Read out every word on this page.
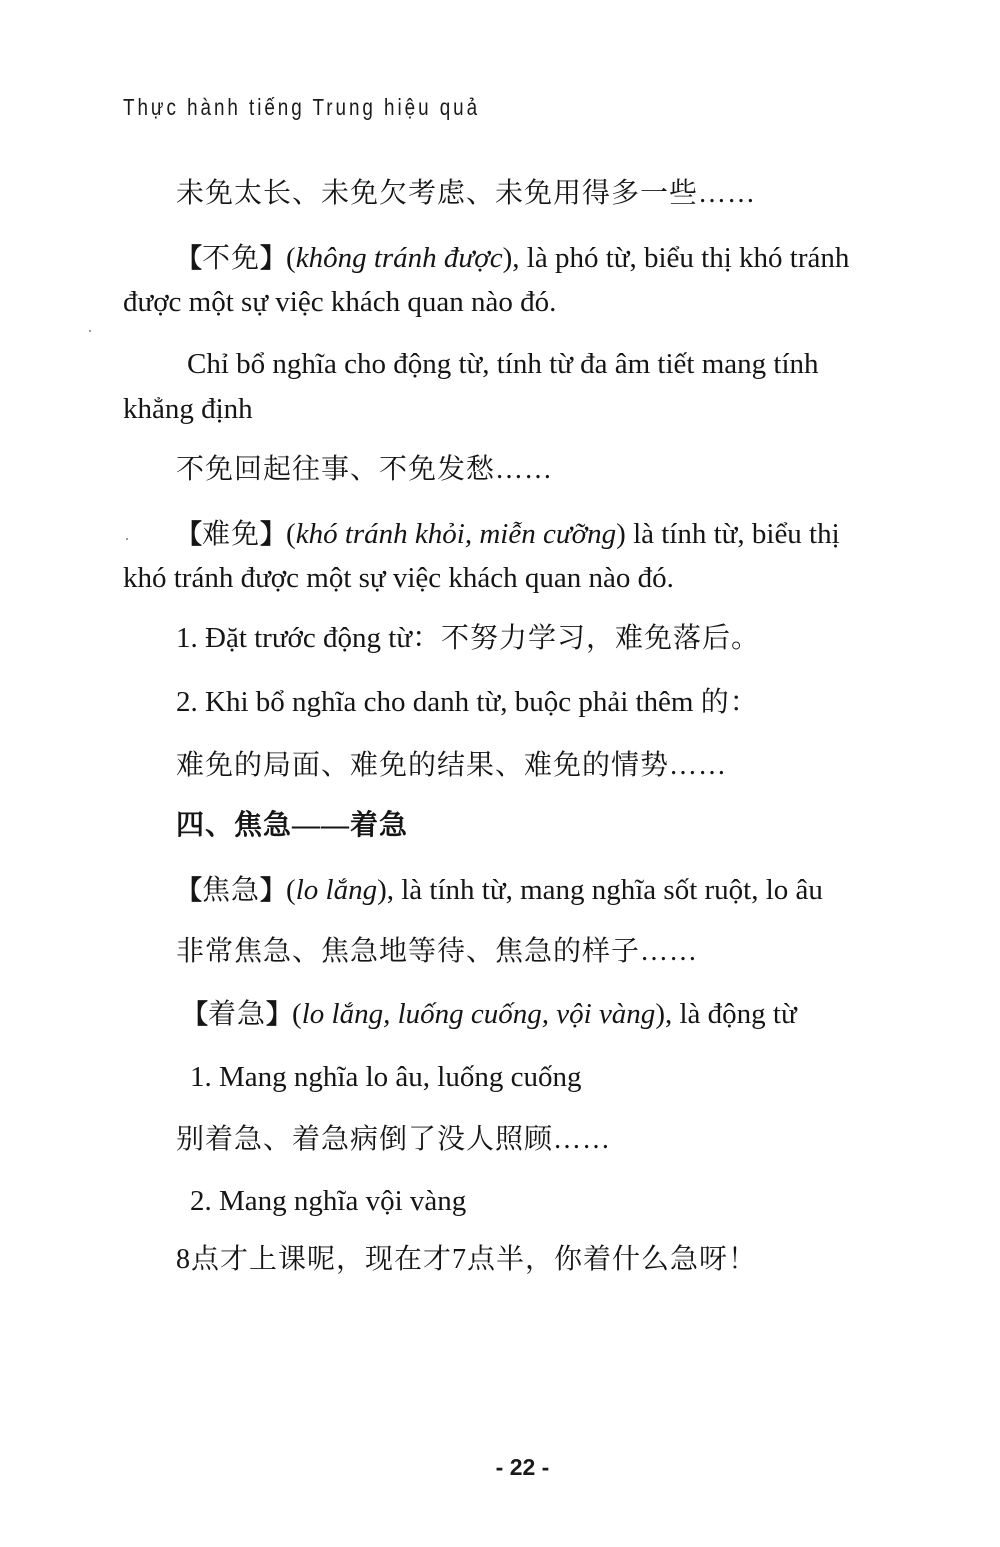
Thực hành tiếng Trung hiệu quả
未免太长、未免欠考虑、未免用得多一些……
【不免】(không tránh được), là phó từ, biểu thị khó tránh
được một sự việc khách quan nào đó.
Chỉ bổ nghĩa cho động từ, tính từ đa âm tiết mang tính
khẳng định
不免回起往事、不免发愁……
【难免】(khó tránh khỏi, miễn cưỡng) là tính từ, biểu thị
khó tránh được một sự việc khách quan nào đó.
1. Đặt trước động từ：不努力学习，难免落后。
2. Khi bổ nghĩa cho danh từ, buộc phải thêm 的：
难免的局面、难免的结果、难免的情势……
四、焦急——着急
【焦急】(lo lắng), là tính từ, mang nghĩa sốt ruột, lo âu
非常焦急、焦急地等待、焦急的样子……
【着急】(lo lắng, luống cuống, vội vàng), là động từ
1. Mang nghĩa lo âu, luống cuống
别着急、着急病倒了没人照顾……
2. Mang nghĩa vội vàng
8点才上课呢，现在才7点半，你着什么急呀！
- 22 -
